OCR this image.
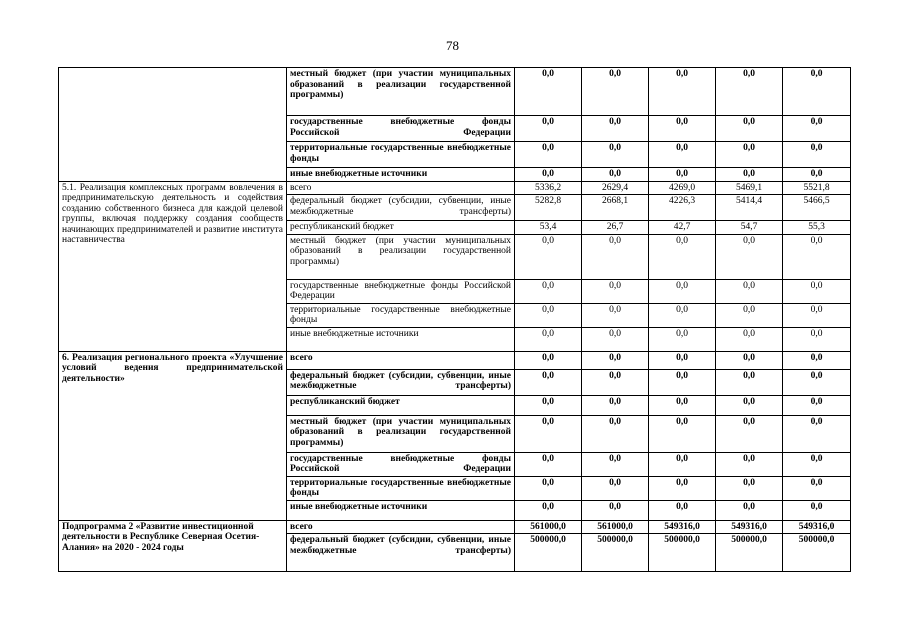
78
	местный бюджет (при участии муниципальных образований в реализации государственной программы)	0,0	0,0	0,0	0,0	0,0
	государственные внебюджетные фонды Российской Федерации	0,0	0,0	0,0	0,0	0,0
	территориальные государственные внебюджетные фонды	0,0	0,0	0,0	0,0	0,0
	иные внебюджетные источники	0,0	0,0	0,0	0,0	0,0
5.1. Реализация комплексных программ вовлечения в предпринимательскую деятельность и содействия созданию собственного бизнеса для каждой целевой группы, включая поддержку создания сообществ начинающих предпринимателей и развитие института наставничества	всего	5336,2	2629,4	4269,0	5469,1	5521,8
	федеральный бюджет (субсидии, субвенции, иные межбюджетные трансферты)	5282,8	2668,1	4226,3	5414,4	5466,5
	республиканский бюджет	53,4	26,7	42,7	54,7	55,3
	местный бюджет (при участии муниципальных образований в реализации государственной программы)	0,0	0,0	0,0	0,0	0,0
	государственные внебюджетные фонды Российской Федерации	0,0	0,0	0,0	0,0	0,0
	территориальные государственные внебюджетные фонды	0,0	0,0	0,0	0,0	0,0
	иные внебюджетные источники	0,0	0,0	0,0	0,0	0,0
6. Реализация регионального проекта «Улучшение условий ведения предпринимательской деятельности»	всего	0,0	0,0	0,0	0,0	0,0
	федеральный бюджет (субсидии, субвенции, иные межбюджетные трансферты)	0,0	0,0	0,0	0,0	0,0
	республиканский бюджет	0,0	0,0	0,0	0,0	0,0
	местный бюджет (при участии муниципальных образований в реализации государственной программы)	0,0	0,0	0,0	0,0	0,0
	государственные внебюджетные фонды Российской Федерации	0,0	0,0	0,0	0,0	0,0
	территориальные государственные внебюджетные фонды	0,0	0,0	0,0	0,0	0,0
	иные внебюджетные источники	0,0	0,0	0,0	0,0	0,0
Подпрограмма 2 «Развитие инвестиционной деятельности в Республике Северная Осетия-Алания» на 2020 - 2024 годы	всего	561000,0	561000,0	549316,0	549316,0	549316,0
	федеральный бюджет (субсидии, субвенции, иные межбюджетные трансферты)	500000,0	500000,0	500000,0	500000,0	500000,0
